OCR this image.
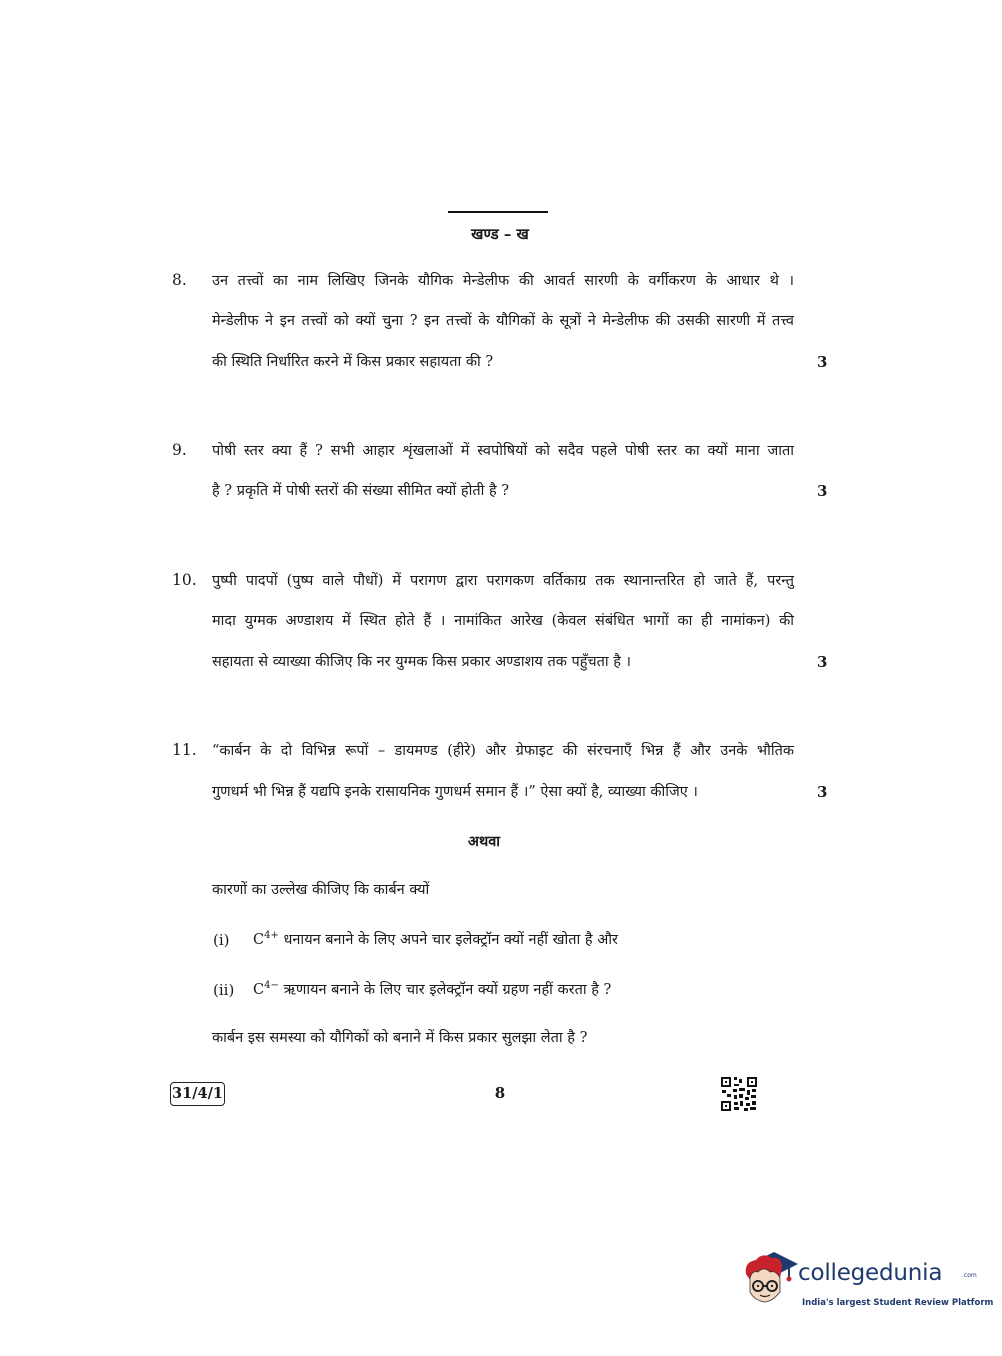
खण्ड – ख
8. उन तत्त्वों का नाम लिखिए जिनके यौगिक मेन्डेलीफ की आवर्त सारणी के वर्गीकरण के आधार थे ।
मेन्डेलीफ ने इन तत्त्वों को क्यों चुना ? इन तत्त्वों के यौगिकों के सूत्रों ने मेन्डेलीफ की उसकी सारणी में तत्त्व
की स्थिति निर्धारित करने में किस प्रकार सहायता की ?	3
9. पोषी स्तर क्या हैं ? सभी आहार शृंखलाओं में स्वपोषियों को सदैव पहले पोषी स्तर का क्यों माना जाता
है ? प्रकृति में पोषी स्तरों की संख्या सीमित क्यों होती है ?	3
10. पुष्पी पादपों (पुष्प वाले पौधों) में परागण द्वारा परागकण वर्तिकाग्र तक स्थानान्तरित हो जाते हैं, परन्तु
मादा युग्मक अण्डाशय में स्थित होते हैं । नामांकित आरेख (केवल संबंधित भागों का ही नामांकन) की
सहायता से व्याख्या कीजिए कि नर युग्मक किस प्रकार अण्डाशय तक पहुँचता है ।	3
11. “कार्बन के दो विभिन्न रूपों – डायमण्ड (हीरे) और ग्रेफाइट की संरचनाएँ भिन्न हैं और उनके भौतिक
गुणधर्म भी भिन्न हैं यद्यपि इनके रासायनिक गुणधर्म समान हैं ।” ऐसा क्यों है, व्याख्या कीजिए ।	3
अथवा
कारणों का उल्लेख कीजिए कि कार्बन क्यों
(i) $C^{4+}$ धनायन बनाने के लिए अपने चार इलेक्ट्रॉन क्यों नहीं खोता है और
(ii) $C^{4-}$ ऋणायन बनाने के लिए चार इलेक्ट्रॉन क्यों ग्रहण नहीं करता है ?
कार्बन इस समस्या को यौगिकों को बनाने में किस प्रकार सुलझा लेता है ?
31/4/1	8
collegedunia	.com
India's largest Student Review Platform
